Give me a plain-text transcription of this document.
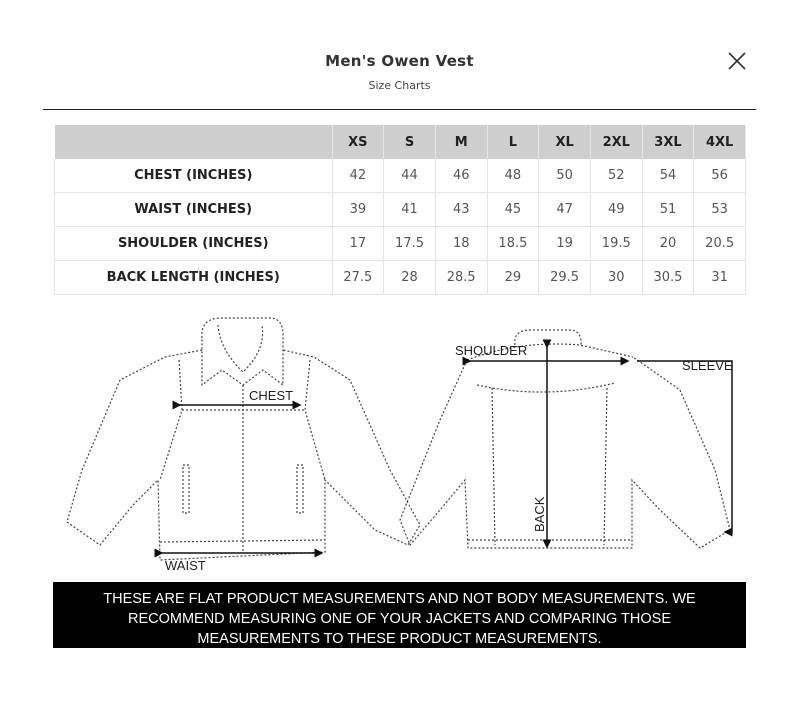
Men's Owen Vest
Size Charts
	XS	S	M	L	XL	2XL	3XL	4XL
CHEST (INCHES)	42	44	46	48	50	52	54	56
WAIST (INCHES)	39	41	43	45	47	49	51	53
SHOULDER (INCHES)	17	17.5	18	18.5	19	19.5	20	20.5
BACK LENGTH (INCHES)	27.5	28	28.5	29	29.5	30	30.5	31
CHEST
WAIST
SHOULDER
SLEEVE
BACK
THESE ARE FLAT PRODUCT MEASUREMENTS AND NOT BODY MEASUREMENTS. WE
RECOMMEND MEASURING ONE OF YOUR JACKETS AND COMPARING THOSE
MEASUREMENTS TO THESE PRODUCT MEASUREMENTS.
